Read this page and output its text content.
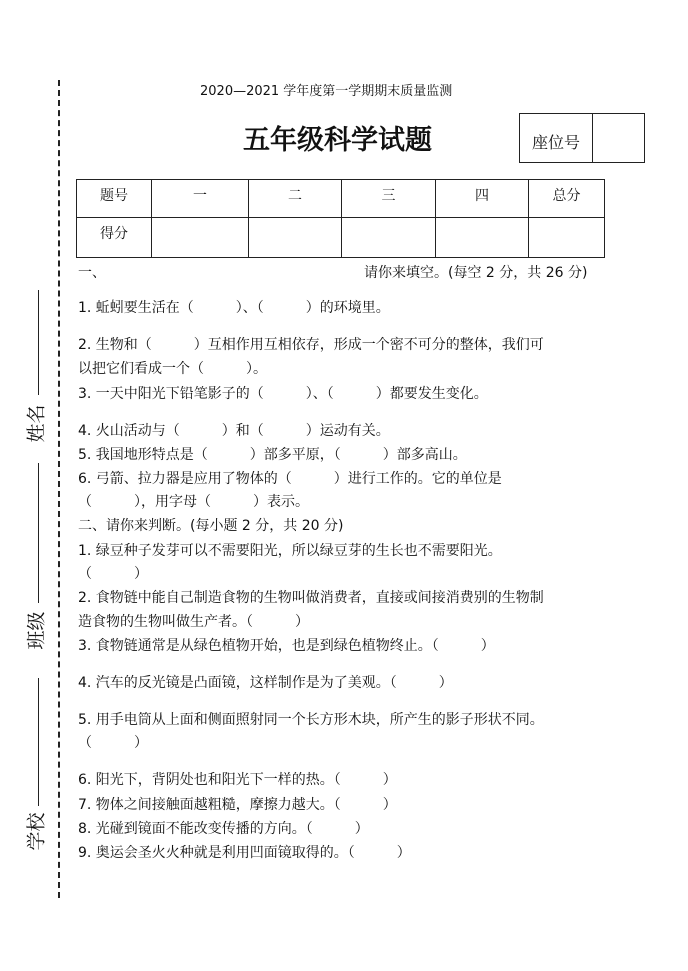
姓名
班级
学校
2020—2021 学年度第一学期期末质量监测
五年级科学试题	座位号	
题号	一	二	三	四	总分
得分					
一、	请你来填空。(每空 2 分，共 26 分)
1. 蚯蚓要生活在（　　　）、（　　　）的环境里。
2. 生物和（　　　）互相作用互相依存，形成一个密不可分的整体，我们可
以把它们看成一个（　　　）。
3. 一天中阳光下铅笔影子的（　　　）、（　　　）都要发生变化。
4. 火山活动与（　　　）和（　　　）运动有关。
5. 我国地形特点是（　　　）部多平原，（　　　）部多高山。
6. 弓箭、拉力器是应用了物体的（　　　）进行工作的。它的单位是
（　　　），用字母（　　　）表示。
二、请你来判断。(每小题 2 分，共 20 分)
1. 绿豆种子发芽可以不需要阳光，所以绿豆芽的生长也不需要阳光。
（　　　）
2. 食物链中能自己制造食物的生物叫做消费者，直接或间接消费别的生物制
造食物的生物叫做生产者。（　　　）
3. 食物链通常是从绿色植物开始，也是到绿色植物终止。（　　　）
4. 汽车的反光镜是凸面镜，这样制作是为了美观。（　　　）
5. 用手电筒从上面和侧面照射同一个长方形木块，所产生的影子形状不同。
（　　　）
6. 阳光下，背阴处也和阳光下一样的热。（　　　）
7. 物体之间接触面越粗糙，摩擦力越大。（　　　）
8. 光碰到镜面不能改变传播的方向。（　　　）
9. 奥运会圣火火种就是利用凹面镜取得的。（　　　）
